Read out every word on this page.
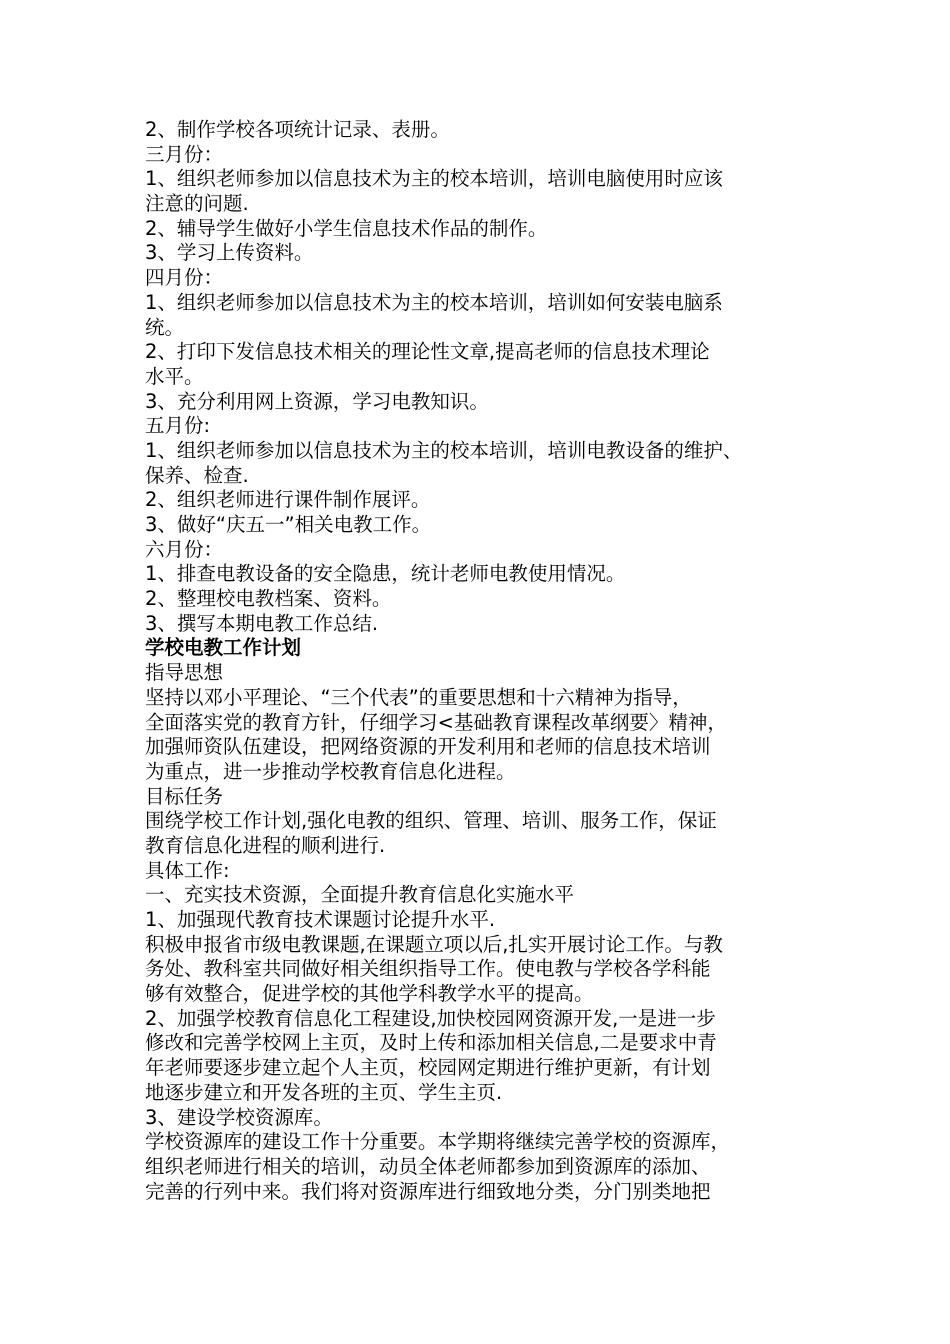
2、制作学校各项统计记录、表册。
三月份：
1、组织老师参加以信息技术为主的校本培训，培训电脑使用时应该
注意的问题.
2、辅导学生做好小学生信息技术作品的制作。
3、学习上传资料。
四月份：
1、组织老师参加以信息技术为主的校本培训，培训如何安装电脑系
统。
2、打印下发信息技术相关的理论性文章,提高老师的信息技术理论
水平。
3、充分利用网上资源，学习电教知识。
五月份:
1、组织老师参加以信息技术为主的校本培训，培训电教设备的维护、
保养、检查.
2、组织老师进行课件制作展评。
3、做好“庆五一”相关电教工作。
六月份：
1、排查电教设备的安全隐患，统计老师电教使用情况。
2、整理校电教档案、资料。
3、撰写本期电教工作总结.
学校电教工作计划
指导思想
坚持以邓小平理论、“三个代表”的重要思想和十六精神为指导，
全面落实党的教育方针，仔细学习<基础教育课程改革纲要〉精神，
加强师资队伍建设，把网络资源的开发利用和老师的信息技术培训
为重点，进一步推动学校教育信息化进程。
目标任务
围绕学校工作计划,强化电教的组织、管理、培训、服务工作，保证
教育信息化进程的顺利进行.
具体工作:
一、充实技术资源，全面提升教育信息化实施水平
1、加强现代教育技术课题讨论提升水平.
积极申报省市级电教课题,在课题立项以后,扎实开展讨论工作。与教
务处、教科室共同做好相关组织指导工作。使电教与学校各学科能
够有效整合，促进学校的其他学科教学水平的提高。
2、加强学校教育信息化工程建设,加快校园网资源开发,一是进一步
修改和完善学校网上主页，及时上传和添加相关信息,二是要求中青
年老师要逐步建立起个人主页，校园网定期进行维护更新，有计划
地逐步建立和开发各班的主页、学生主页.
3、建设学校资源库。
学校资源库的建设工作十分重要。本学期将继续完善学校的资源库，
组织老师进行相关的培训，动员全体老师都参加到资源库的添加、
完善的行列中来。我们将对资源库进行细致地分类，分门别类地把
